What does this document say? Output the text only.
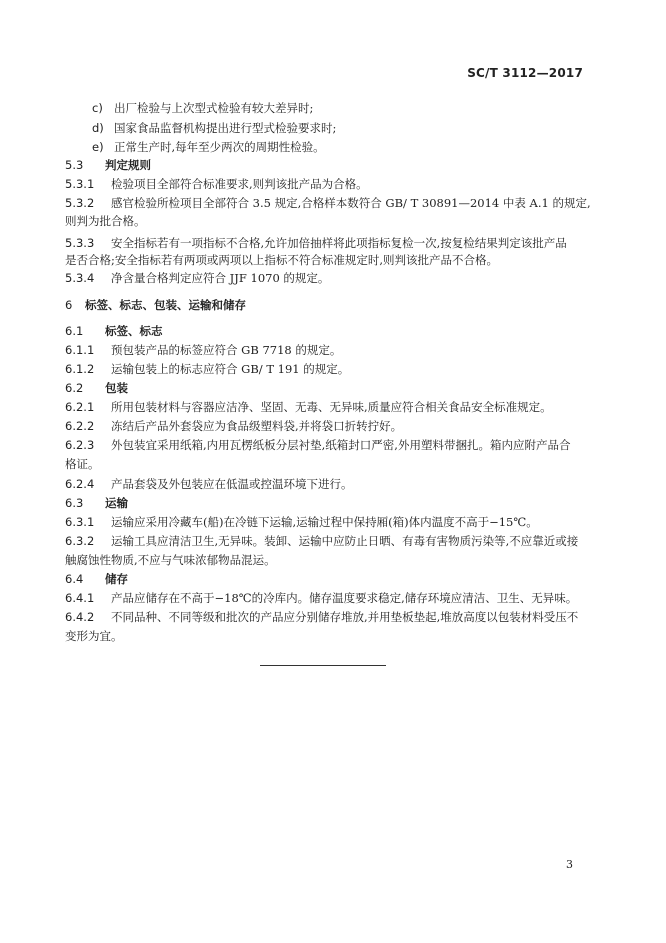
SC/T 3112—2017
c) 出厂检验与上次型式检验有较大差异时;
d) 国家食品监督机构提出进行型式检验要求时;
e) 正常生产时,每年至少两次的周期性检验。
5.3 判定规则
5.3.1 检验项目全部符合标准要求,则判该批产品为合格。
5.3.2 感官检验所检项目全部符合 3.5 规定,合格样本数符合 GB/ T 30891—2014 中表 A.1 的规定,
则判为批合格。
5.3.3 安全指标若有一项指标不合格,允许加倍抽样将此项指标复检一次,按复检结果判定该批产品
是否合格;安全指标若有两项或两项以上指标不符合标准规定时,则判该批产品不合格。
5.3.4 净含量合格判定应符合 JJF 1070 的规定。
6 标签、标志、包装、运输和储存
6.1 标签、标志
6.1.1 预包装产品的标签应符合 GB 7718 的规定。
6.1.2 运输包装上的标志应符合 GB/ T 191 的规定。
6.2 包装
6.2.1 所用包装材料与容器应洁净、坚固、无毒、无异味,质量应符合相关食品安全标准规定。
6.2.2 冻结后产品外套袋应为食品级塑料袋,并将袋口折转拧好。
6.2.3 外包装宜采用纸箱,内用瓦楞纸板分层衬垫,纸箱封口严密,外用塑料带捆扎。箱内应附产品合
格证。
6.2.4 产品套袋及外包装应在低温或控温环境下进行。
6.3 运输
6.3.1 运输应采用冷藏车(船)在冷链下运输,运输过程中保持厢(箱)体内温度不高于−15℃。
6.3.2 运输工具应清洁卫生,无异味。装卸、运输中应防止日晒、有毒有害物质污染等,不应靠近或接
触腐蚀性物质,不应与气味浓郁物品混运。
6.4 储存
6.4.1 产品应储存在不高于−18℃的冷库内。储存温度要求稳定,储存环境应清洁、卫生、无异味。
6.4.2 不同品种、不同等级和批次的产品应分别储存堆放,并用垫板垫起,堆放高度以包装材料受压不
变形为宜。
3
